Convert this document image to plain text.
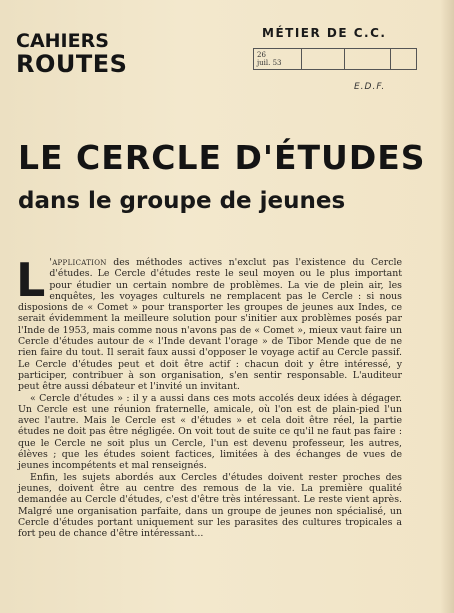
CAHIERS
ROUTES
MÉTIER DE C.C.
26
juil. 53
E.D.F.
LE CERCLE D'ÉTUDES
dans le groupe de jeunes

L 'application des méthodes actives n'exclut pas l'existence du Cercle d'études. Le Cercle d'études reste le seul moyen ou le plus important pour étudier un certain nombre de problèmes. La vie de plein air, les enquêtes, les voyages culturels ne remplacent pas le Cercle : si nous disposions de « Comet » pour transporter les groupes de jeunes aux Indes, ce serait évidemment la meilleure solution pour s'initier aux problèmes posés par l'Inde de 1953, mais comme nous n'avons pas de « Comet », mieux vaut faire un Cercle d'études autour de « l'Inde devant l'orage » de Tibor Mende que de ne rien faire du tout. Il serait faux aussi d'opposer le voyage actif au Cercle passif. Le Cercle d'études peut et doit être actif : chacun doit y être intéressé, y participer, contribuer à son organisation, s'en sentir responsable. L'auditeur peut être aussi débateur et l'invité un invitant.

« Cercle d'études » : il y a aussi dans ces mots accolés deux idées à dégager. Un Cercle est une réunion fraternelle, amicale, où l'on est de plain-pied l'un avec l'autre. Mais le Cercle est « d'études » et cela doit être réel, la partie études ne doit pas être négligée. On voit tout de suite ce qu'il ne faut pas faire : que le Cercle ne soit plus un Cercle, l'un est devenu professeur, les autres, élèves ; que les études soient factices, limitées à des échanges de vues de jeunes incompétents et mal renseignés.

Enfin, les sujets abordés aux Cercles d'études doivent rester proches des jeunes, doivent être au centre des remous de la vie. La première qualité demandée au Cercle d'études, c'est d'être très intéressant. Le reste vient après. Malgré une organisation parfaite, dans un groupe de jeunes non spécialisé, un Cercle d'études portant uniquement sur les parasites des cultures tropicales a fort peu de chance d'être intéressant...
